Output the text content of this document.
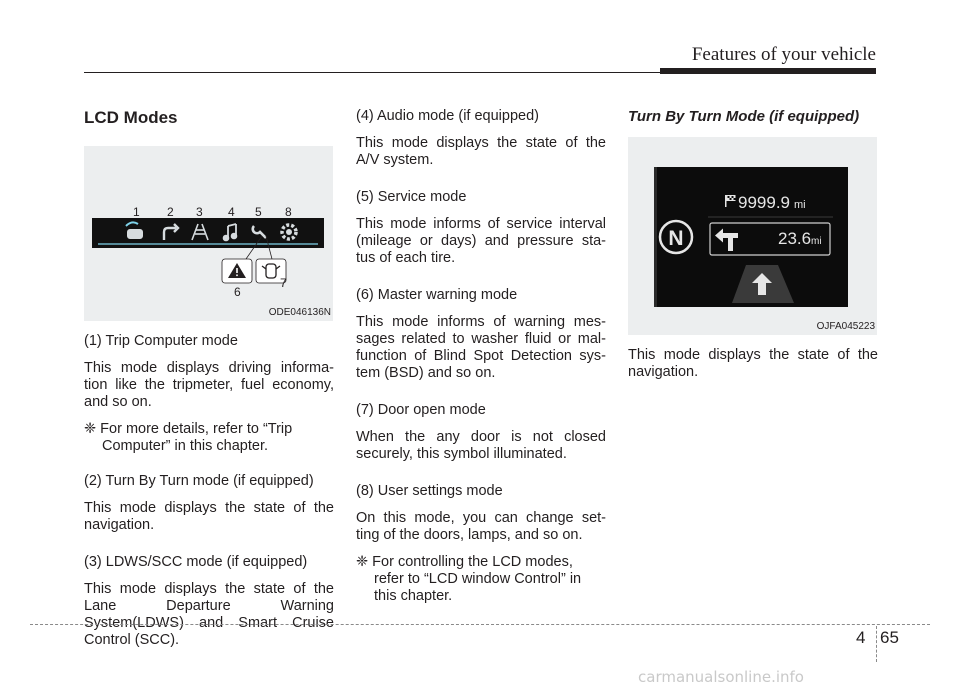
Features of your vehicle
LCD Modes
1 2 3 4 5 8
6
7
ODE046136N
(1) Trip Computer mode
This mode displays driving informa- tion like the tripmeter, fuel economy, and so on.
❈ For more details, refer to “Trip Computer” in this chapter.
(2) Turn By Turn mode (if equipped)
This mode displays the state of the navigation.
(3) LDWS/SCC mode (if equipped)
This mode displays the state of the Lane Departure Warning System(LDWS) and Smart Cruise Control (SCC).
(4) Audio mode (if equipped)
This mode displays the state of the A/V system.
(5) Service mode
This mode informs of service interval (mileage or days) and pressure sta- tus of each tire.
(6) Master warning mode
This mode informs of warning mes- sages related to washer fluid or mal- function of Blind Spot Detection sys- tem (BSD) and so on.
(7) Door open mode
When the any door is not closed securely, this symbol illuminated.
(8) User settings mode
On this mode, you can change set- ting of the doors, lamps, and so on.
❈ For controlling the LCD modes, refer to “LCD window Control” in this chapter.
Turn By Turn Mode (if equipped)
N
9999.9 mi
23.6 mi
OJFA045223
This mode displays the state of the navigation.
4 65
carmanualsonline.info
